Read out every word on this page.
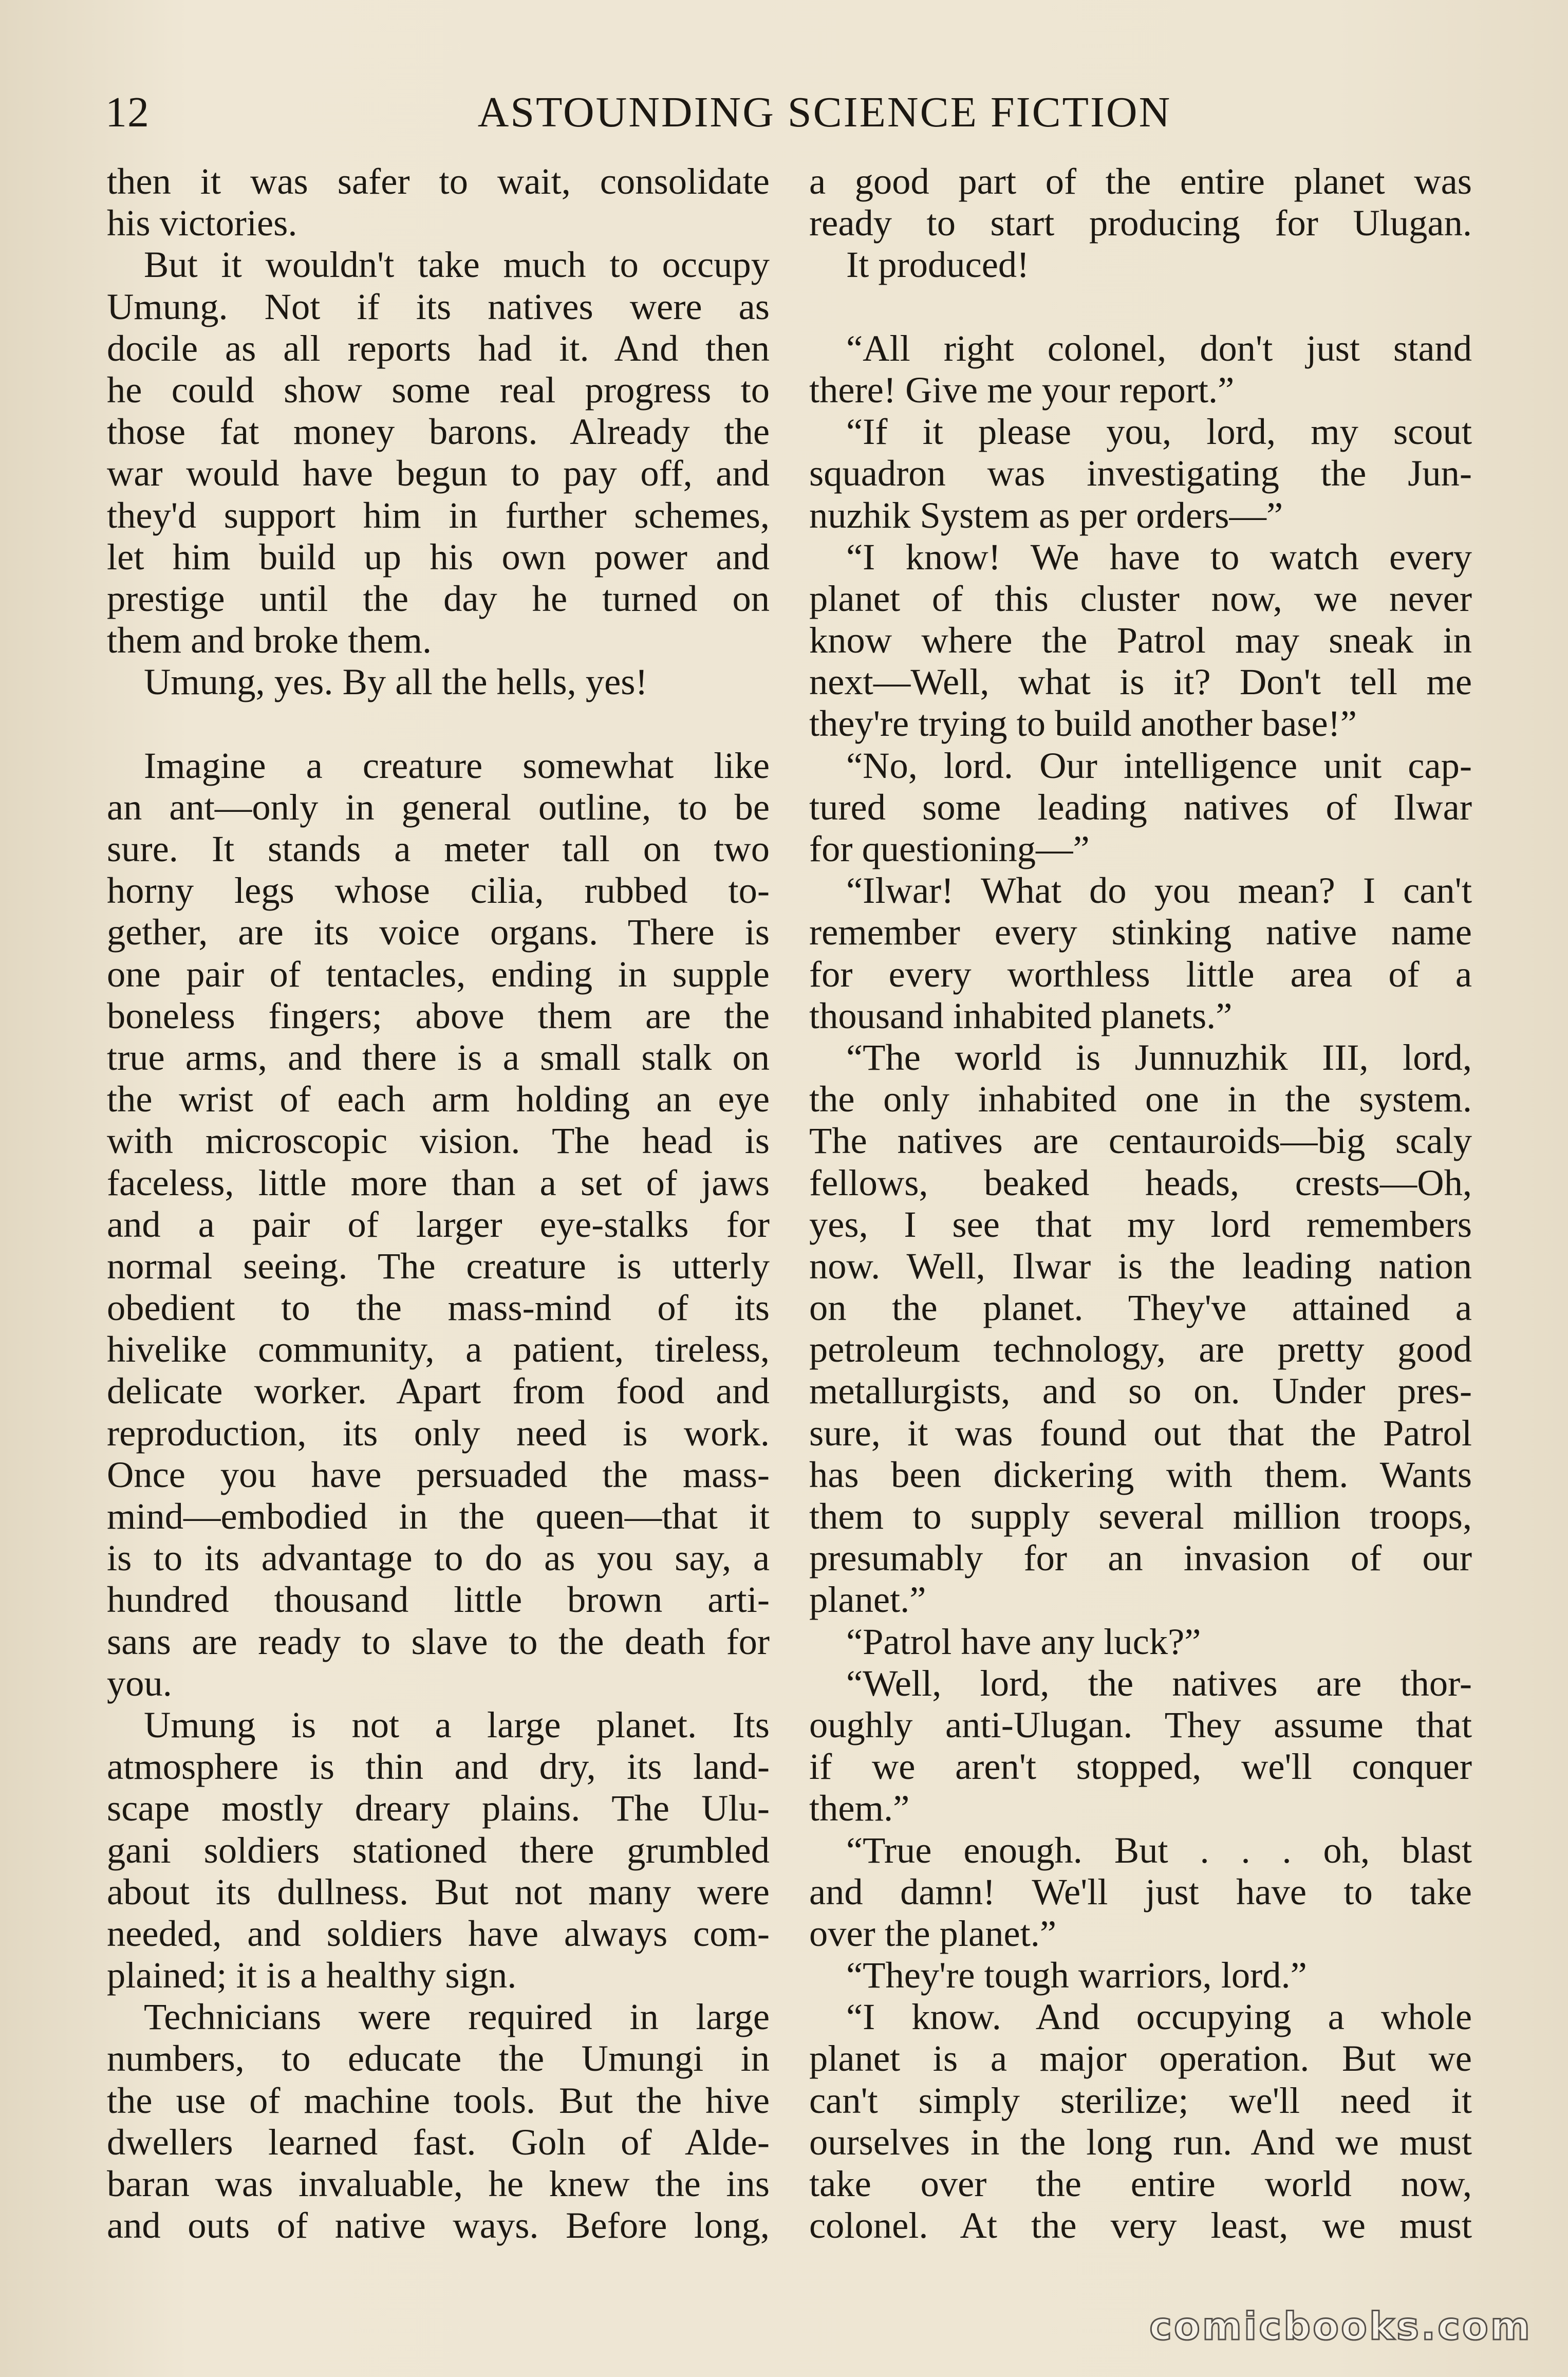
12	ASTOUNDING SCIENCE FICTION
then it was safer to wait, consolidate
his victories.
But it wouldn't take much to occupy
Umung. Not if its natives were as
docile as all reports had it. And then
he could show some real progress to
those fat money barons. Already the
war would have begun to pay off, and
they'd support him in further schemes,
let him build up his own power and
prestige until the day he turned on
them and broke them.
Umung, yes. By all the hells, yes!
Imagine a creature somewhat like
an ant—only in general outline, to be
sure. It stands a meter tall on two
horny legs whose cilia, rubbed to-
gether, are its voice organs. There is
one pair of tentacles, ending in supple
boneless fingers; above them are the
true arms, and there is a small stalk on
the wrist of each arm holding an eye
with microscopic vision. The head is
faceless, little more than a set of jaws
and a pair of larger eye-stalks for
normal seeing. The creature is utterly
obedient to the mass-mind of its
hivelike community, a patient, tireless,
delicate worker. Apart from food and
reproduction, its only need is work.
Once you have persuaded the mass-
mind—embodied in the queen—that it
is to its advantage to do as you say, a
hundred thousand little brown arti-
sans are ready to slave to the death for
you.
Umung is not a large planet. Its
atmosphere is thin and dry, its land-
scape mostly dreary plains. The Ulu-
gani soldiers stationed there grumbled
about its dullness. But not many were
needed, and soldiers have always com-
plained; it is a healthy sign.
Technicians were required in large
numbers, to educate the Umungi in
the use of machine tools. But the hive
dwellers learned fast. Goln of Alde-
baran was invaluable, he knew the ins
and outs of native ways. Before long,
a good part of the entire planet was
ready to start producing for Ulugan.
It produced!
“All right colonel, don't just stand
there! Give me your report.”
“If it please you, lord, my scout
squadron was investigating the Jun-
nuzhik System as per orders—”
“I know! We have to watch every
planet of this cluster now, we never
know where the Patrol may sneak in
next—Well, what is it? Don't tell me
they're trying to build another base!”
“No, lord. Our intelligence unit cap-
tured some leading natives of Ilwar
for questioning—”
“Ilwar! What do you mean? I can't
remember every stinking native name
for every worthless little area of a
thousand inhabited planets.”
“The world is Junnuzhik III, lord,
the only inhabited one in the system.
The natives are centauroids—big scaly
fellows, beaked heads, crests—Oh,
yes, I see that my lord remembers
now. Well, Ilwar is the leading nation
on the planet. They've attained a
petroleum technology, are pretty good
metallurgists, and so on. Under pres-
sure, it was found out that the Patrol
has been dickering with them. Wants
them to supply several million troops,
presumably for an invasion of our
planet.”
“Patrol have any luck?”
“Well, lord, the natives are thor-
oughly anti-Ulugan. They assume that
if we aren't stopped, we'll conquer
them.”
“True enough. But . . . oh, blast
and damn! We'll just have to take
over the planet.”
“They're tough warriors, lord.”
“I know. And occupying a whole
planet is a major operation. But we
can't simply sterilize; we'll need it
ourselves in the long run. And we must
take over the entire world now,
colonel. At the very least, we must
comicbooks.com
